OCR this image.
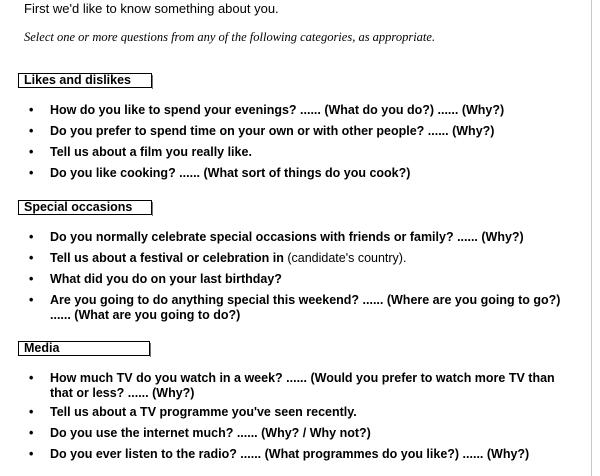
First we'd like to know something about you.
Select one or more questions from any of the following categories, as appropriate.
Likes and dislikes
• How do you like to spend your evenings? ...... (What do you do?) ...... (Why?)
• Do you prefer to spend time on your own or with other people? ...... (Why?)
• Tell us about a film you really like.
• Do you like cooking? ...... (What sort of things do you cook?)
Special occasions
• Do you normally celebrate special occasions with friends or family? ...... (Why?)
• Tell us about a festival or celebration in (candidate's country).
• What did you do on your last birthday?
• Are you going to do anything special this weekend? ...... (Where are you going to go?) ...... (What are you going to do?)
Media
• How much TV do you watch in a week? ...... (Would you prefer to watch more TV than that or less? ...... (Why?)
• Tell us about a TV programme you've seen recently.
• Do you use the internet much? ...... (Why? / Why not?)
• Do you ever listen to the radio? ...... (What programmes do you like?) ...... (Why?)
